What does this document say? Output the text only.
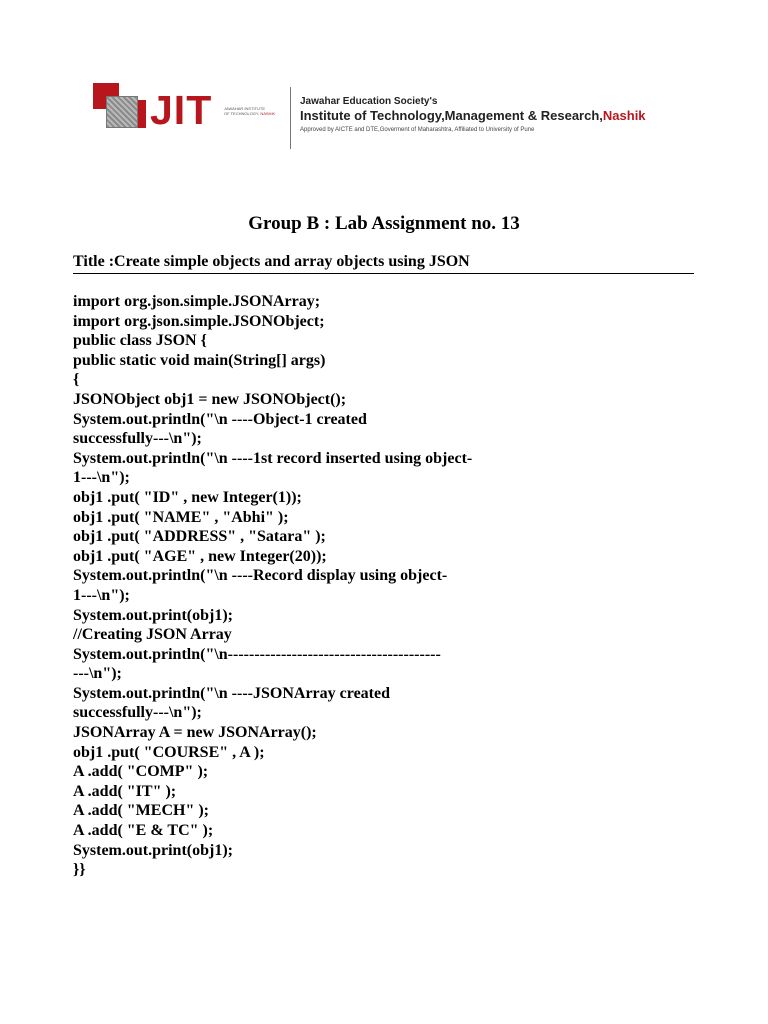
JIT	JAWAHAR INSTITUTE
OF TECHNOLOGY, NASHIK
Jawahar Education Society's
Institute of Technology,Management & Research,Nashik
Approved by AICTE and DTE,Goverment of Maharashtra, Affiliated to University of Pune
Group B : Lab Assignment no. 13
Title :Create simple objects and array objects using JSON
import org.json.simple.JSONArray;
import org.json.simple.JSONObject;
public class JSON {
public static void main(String[] args)
{
JSONObject obj1 = new JSONObject();
System.out.println("\n ----Object-1 created
successfully---\n");
System.out.println("\n ----1st record inserted using object-
1---\n");
obj1 .put( "ID" , new Integer(1));
obj1 .put( "NAME" , "Abhi" );
obj1 .put( "ADDRESS" , "Satara" );
obj1 .put( "AGE" , new Integer(20));
System.out.println("\n ----Record display using object-
1---\n");
System.out.print(obj1);
//Creating JSON Array
System.out.println("\n----------------------------------------
---\n");
System.out.println("\n ----JSONArray created
successfully---\n");
JSONArray A = new JSONArray();
obj1 .put( "COURSE" , A );
A .add( "COMP" );
A .add( "IT" );
A .add( "MECH" );
A .add( "E & TC" );
System.out.print(obj1);
}}
